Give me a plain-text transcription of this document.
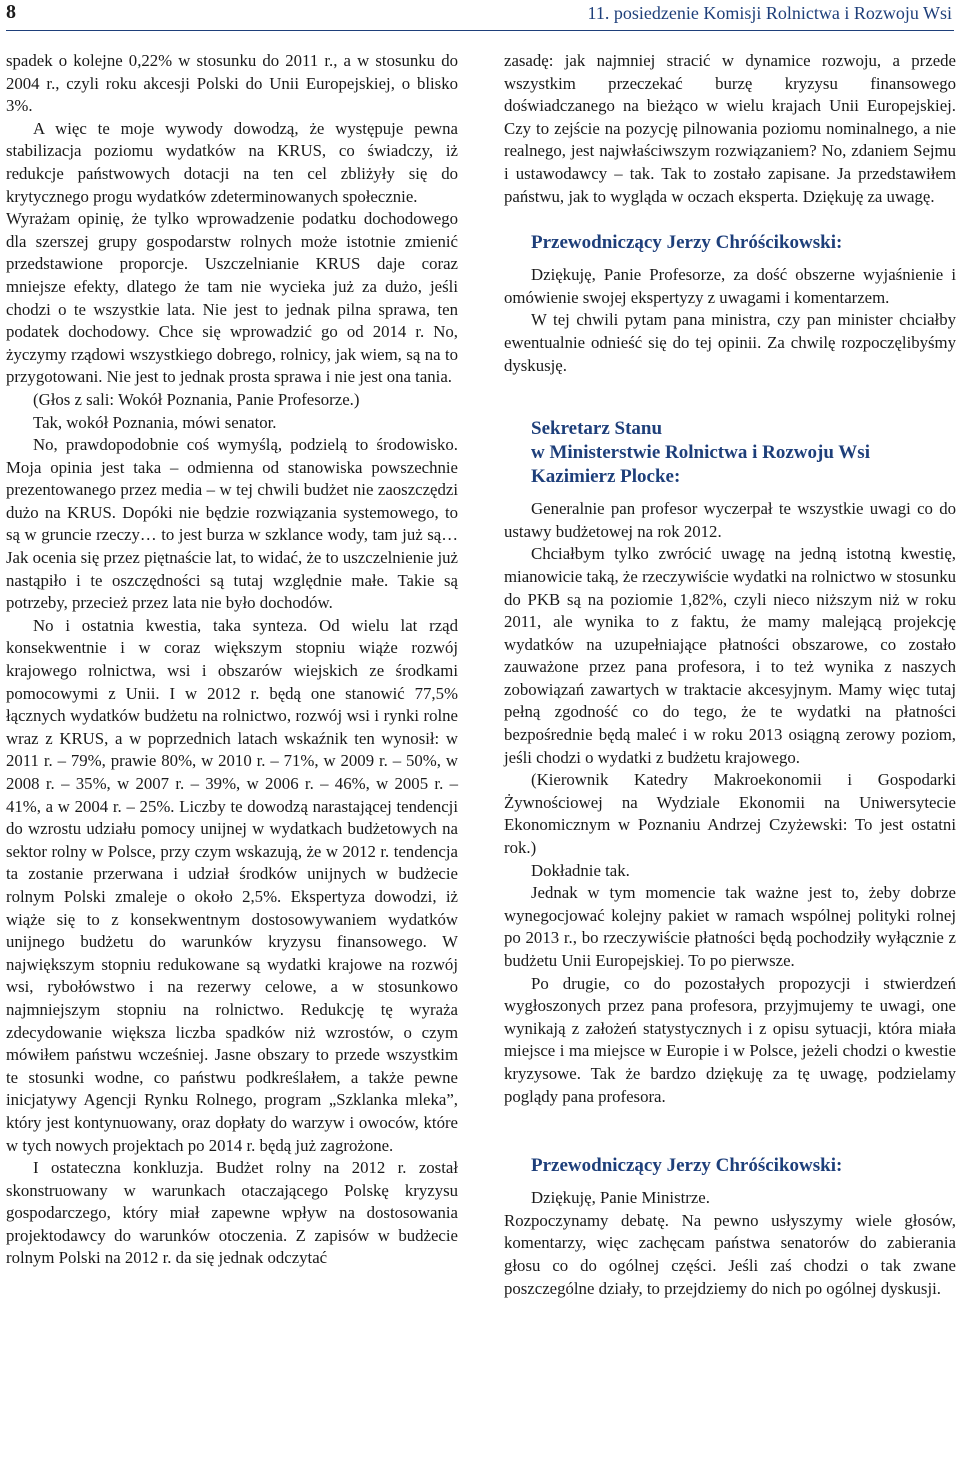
8	11. posiedzenie Komisji Rolnictwa i Rozwoju Wsi

spadek o kolejne 0,22% w stosunku do 2011 r., a w stosunku do 2004 r., czyli roku akcesji Polski do Unii Europejskiej, o blisko 3%.

A więc te moje wywody dowodzą, że występuje pewna stabilizacja poziomu wydatków na KRUS, co świadczy, iż redukcje państwowych dotacji na ten cel zbliżyły się do krytycznego progu wydatków zdeterminowanych społecznie.

Wyrażam opinię, że tylko wprowadzenie podatku dochodowego dla szerszej grupy gospodarstw rolnych może istotnie zmienić przedstawione proporcje. Uszczelnianie KRUS daje coraz mniejsze efekty, dlatego że tam nie wycieka już za dużo, jeśli chodzi o te wszystkie lata. Nie jest to jednak pilna sprawa, ten podatek dochodowy. Chce się wprowadzić go od 2014 r. No, życzymy rządowi wszystkiego dobrego, rolnicy, jak wiem, są na to przygotowani. Nie jest to jednak prosta sprawa i nie jest ona tania.

(Głos z sali: Wokół Poznania, Panie Profesorze.)

Tak, wokół Poznania, mówi senator.

No, prawdopodobnie coś wymyślą, podzielą to środowisko. Moja opinia jest taka – odmienna od stanowiska powszechnie prezentowanego przez media – w tej chwili budżet nie zaoszczędzi dużo na KRUS. Dopóki nie będzie rozwiązania systemowego, to są w gruncie rzeczy… to jest burza w szklance wody, tam już są… Jak ocenia się przez piętnaście lat, to widać, że to uszczelnienie już nastąpiło i te oszczędności są tutaj względnie małe. Takie są potrzeby, przecież przez lata nie było dochodów.

No i ostatnia kwestia, taka synteza. Od wielu lat rząd konsekwentnie i w coraz większym stopniu wiąże rozwój krajowego rolnictwa, wsi i obszarów wiejskich ze środkami pomocowymi z Unii. I w 2012 r. będą one stanowić 77,5% łącznych wydatków budżetu na rolnictwo, rozwój wsi i rynki rolne wraz z KRUS, a w poprzednich latach wskaźnik ten wynosił: w 2011 r. – 79%, prawie 80%, w 2010 r. – 71%, w 2009 r. – 50%, w 2008 r. – 35%, w 2007 r. – 39%, w 2006 r. – 46%, w 2005 r. – 41%, a w 2004 r. – 25%. Liczby te dowodzą narastającej tendencji do wzrostu udziału pomocy unijnej w wydatkach budżetowych na sektor rolny w Polsce, przy czym wskazują, że w 2012 r. tendencja ta zostanie przerwana i udział środków unijnych w budżecie rolnym Polski zmaleje o około 2,5%. Ekspertyza dowodzi, iż wiąże się to z konsekwentnym dostosowywaniem wydatków unijnego budżetu do warunków kryzysu finansowego. W największym stopniu redukowane są wydatki krajowe na rozwój wsi, rybołówstwo i na rezerwy celowe, a w stosunkowo najmniejszym stopniu na rolnictwo. Redukcję tę wyraża zdecydowanie większa liczba spadków niż wzrostów, o czym mówiłem państwu wcześniej. Jasne obszary to przede wszystkim te stosunki wodne, co państwu podkreślałem, a także pewne inicjatywy Agencji Rynku Rolnego, program „Szklanka mleka”, który jest kontynuowany, oraz dopłaty do warzyw i owoców, które w tych nowych projektach po 2014 r. będą już zagrożone.

I ostateczna konkluzja. Budżet rolny na 2012 r. został skonstruowany w warunkach otaczającego Polskę kryzysu gospodarczego, który miał zapewne wpływ na dostosowania projektodawcy do warunków otoczenia. Z zapisów w budżecie rolnym Polski na 2012 r. da się jednak odczytać

zasadę: jak najmniej stracić w dynamice rozwoju, a przede wszystkim przeczekać burzę kryzysu finansowego doświadczanego na bieżąco w wielu krajach Unii Europejskiej. Czy to zejście na pozycję pilnowania poziomu nominalnego, a nie realnego, jest najwłaściwszym rozwiązaniem? No, zdaniem Sejmu i ustawodawcy – tak. Tak to zostało zapisane. Ja przedstawiłem państwu, jak to wygląda w oczach eksperta. Dziękuję za uwagę.

Przewodniczący Jerzy Chróścikowski:

Dziękuję, Panie Profesorze, za dość obszerne wyjaśnienie i omówienie swojej ekspertyzy z uwagami i komentarzem.

W tej chwili pytam pana ministra, czy pan minister chciałby ewentualnie odnieść się do tej opinii. Za chwilę rozpoczęlibyśmy dyskusję.

Sekretarz Stanu
w Ministerstwie Rolnictwa i Rozwoju Wsi
Kazimierz Plocke:

Generalnie pan profesor wyczerpał te wszystkie uwagi co do ustawy budżetowej na rok 2012.

Chciałbym tylko zwrócić uwagę na jedną istotną kwestię, mianowicie taką, że rzeczywiście wydatki na rolnictwo w stosunku do PKB są na poziomie 1,82%, czyli nieco niższym niż w roku 2011, ale wynika to z faktu, że mamy malejącą projekcję wydatków na uzupełniające płatności obszarowe, co zostało zauważone przez pana profesora, i to też wynika z naszych zobowiązań zawartych w traktacie akcesyjnym. Mamy więc tutaj pełną zgodność co do tego, że te wydatki na płatności bezpośrednie będą maleć i w roku 2013 osiągną zerowy poziom, jeśli chodzi o wydatki z budżetu krajowego.

(Kierownik Katedry Makroekonomii i Gospodarki Żywnościowej na Wydziale Ekonomii na Uniwersytecie Ekonomicznym w Poznaniu Andrzej Czyżewski: To jest ostatni rok.)

Dokładnie tak.

Jednak w tym momencie tak ważne jest to, żeby dobrze wynegocjować kolejny pakiet w ramach wspólnej polityki rolnej po 2013 r., bo rzeczywiście płatności będą pochodziły wyłącznie z budżetu Unii Europejskiej. To po pierwsze.

Po drugie, co do pozostałych propozycji i stwierdzeń wygłoszonych przez pana profesora, przyjmujemy te uwagi, one wynikają z założeń statystycznych i z opisu sytuacji, która miała miejsce i ma miejsce w Europie i w Polsce, jeżeli chodzi o kwestie kryzysowe. Tak że bardzo dziękuję za tę uwagę, podzielamy poglądy pana profesora.

Przewodniczący Jerzy Chróścikowski:

Dziękuję, Panie Ministrze.

Rozpoczynamy debatę. Na pewno usłyszymy wiele głosów, komentarzy, więc zachęcam państwa senatorów do zabierania głosu co do ogólnej części. Jeśli zaś chodzi o tak zwane poszczególne działy, to przejdziemy do nich po ogólnej dyskusji.
